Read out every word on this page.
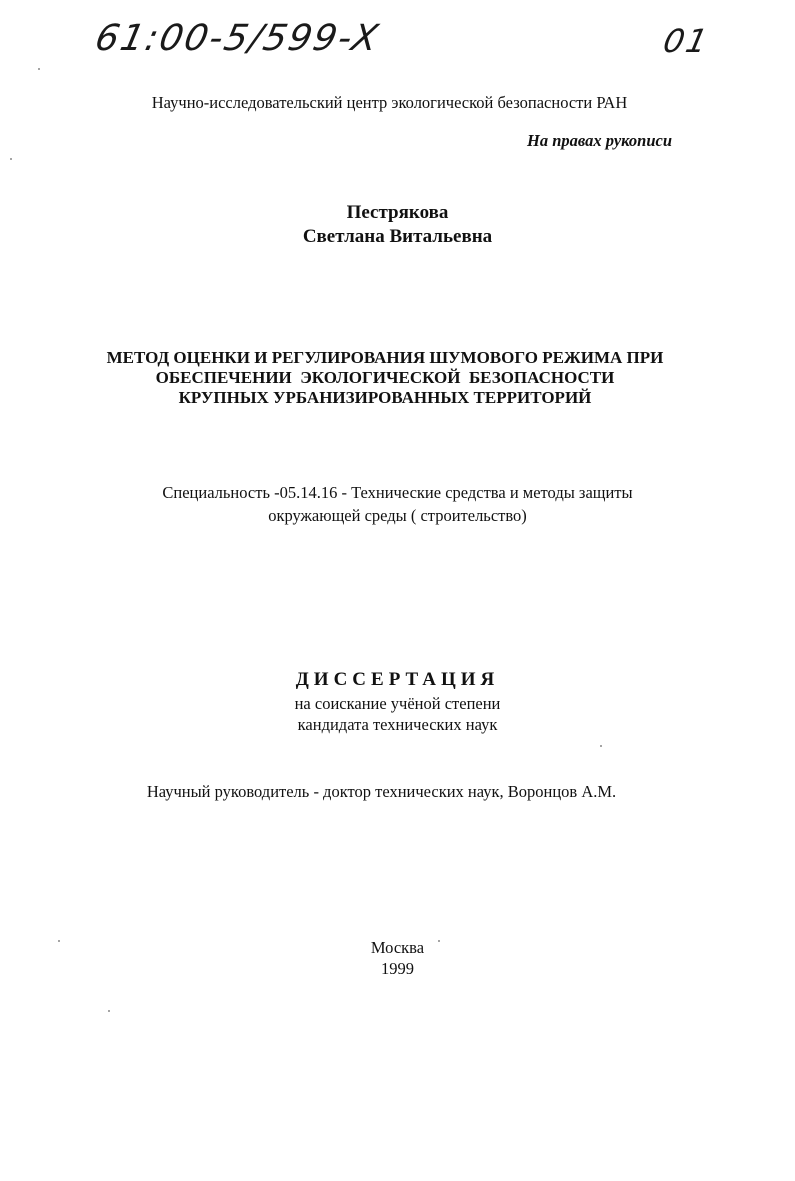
61:00-5/599-X	01
Научно-исследовательский центр экологической безопасности РАН
На правах рукописи
Пестрякова
Светлана Витальевна
МЕТОД ОЦЕНКИ И РЕГУЛИРОВАНИЯ ШУМОВОГО РЕЖИМА ПРИ
ОБЕСПЕЧЕНИИ  ЭКОЛОГИЧЕСКОЙ  БЕЗОПАСНОСТИ
КРУПНЫХ УРБАНИЗИРОВАННЫХ ТЕРРИТОРИЙ
Специальность -05.14.16 - Технические средства и методы защиты
окружающей среды ( строительство)
ДИССЕРТАЦИЯ
на соискание учёной степени
кандидата технических наук
Научный руководитель - доктор технических наук, Воронцов А.М.
Москва
1999
